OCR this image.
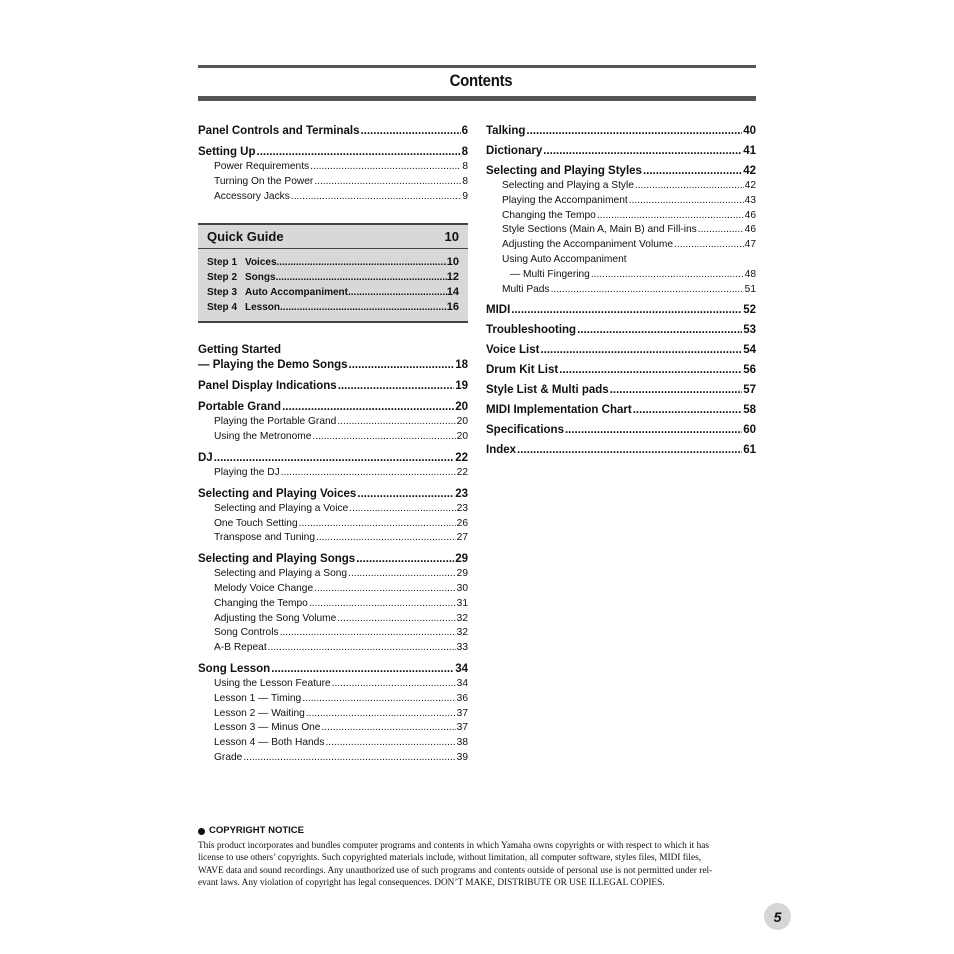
Contents
Panel Controls and Terminals .....	6
Setting Up .....	8
Power Requirements .....	8
Turning On the Power .....	8
Accessory Jacks .....	9
Quick Guide	10
Step 1 Voices .....	10
Step 2 Songs .....	12
Step 3 Auto Accompaniment .....	14
Step 4 Lesson .....	16
Getting Started
— Playing the Demo Songs .....	18
Panel Display Indications .....	19
Portable Grand .....	20
Playing the Portable Grand .....	20
Using the Metronome .....	20
DJ .....	22
Playing the DJ .....	22
Selecting and Playing Voices .....	23
Selecting and Playing a Voice .....	23
One Touch Setting .....	26
Transpose and Tuning .....	27
Selecting and Playing Songs .....	29
Selecting and Playing a Song .....	29
Melody Voice Change .....	30
Changing the Tempo .....	31
Adjusting the Song Volume .....	32
Song Controls .....	32
A-B Repeat .....	33
Song Lesson .....	34
Using the Lesson Feature .....	34
Lesson 1 — Timing .....	36
Lesson 2 — Waiting .....	37
Lesson 3 — Minus One .....	37
Lesson 4 — Both Hands .....	38
Grade .....	39
Talking .....	40
Dictionary .....	41
Selecting and Playing Styles .....	42
Selecting and Playing a Style .....	42
Playing the Accompaniment .....	43
Changing the Tempo .....	46
Style Sections (Main A, Main B) and Fill-ins .....	46
Adjusting the Accompaniment Volume .....	47
Using Auto Accompaniment
— Multi Fingering .....	48
Multi Pads .....	51
MIDI .....	52
Troubleshooting .....	53
Voice List .....	54
Drum Kit List .....	56
Style List & Multi pads .....	57
MIDI Implementation Chart .....	58
Specifications .....	60
Index .....	61
COPYRIGHT NOTICE
This product incorporates and bundles computer programs and contents in which Yamaha owns copyrights or with respect to which it has
license to use others’ copyrights. Such copyrighted materials include, without limitation, all computer software, styles files, MIDI files,
WAVE data and sound recordings. Any unauthorized use of such programs and contents outside of personal use is not permitted under rel-
evant laws. Any violation of copyright has legal consequences. DON’T MAKE, DISTRIBUTE OR USE ILLEGAL COPIES.
5
